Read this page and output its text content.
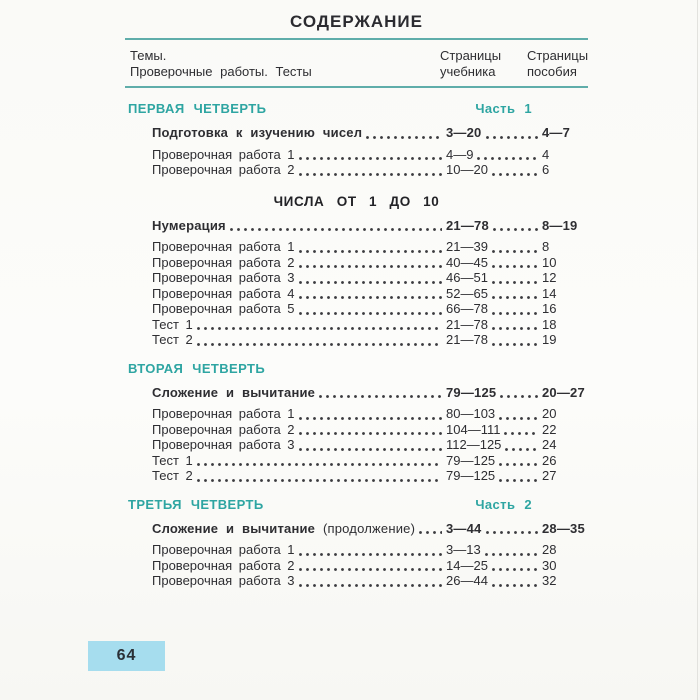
СОДЕРЖАНИЕ
Темы.
Проверочные работы. Тесты
Страницы
учебника
Страницы
пособия
ПЕРВАЯ ЧЕТВЕРТЬ	Часть 1
Подготовка к изучению чисел	3—20	4—7
Проверочная работа 1	4—9	4
Проверочная работа 2	10—20	6
ЧИСЛА ОТ 1 ДО 10
Нумерация	21—78	8—19
Проверочная работа 1	21—39	8
Проверочная работа 2	40—45	10
Проверочная работа 3	46—51	12
Проверочная работа 4	52—65	14
Проверочная работа 5	66—78	16
Тест 1	21—78	18
Тест 2	21—78	19
ВТОРАЯ ЧЕТВЕРТЬ
Сложение и вычитание	79—125	20—27
Проверочная работа 1	80—103	20
Проверочная работа 2	104—111	22
Проверочная работа 3	112—125	24
Тест 1	79—125	26
Тест 2	79—125	27
ТРЕТЬЯ ЧЕТВЕРТЬ	Часть 2
Сложение и вычитание (продолжение) 3—44	28—35
Проверочная работа 1	3—13	28
Проверочная работа 2	14—25	30
Проверочная работа 3	26—44	32
64
